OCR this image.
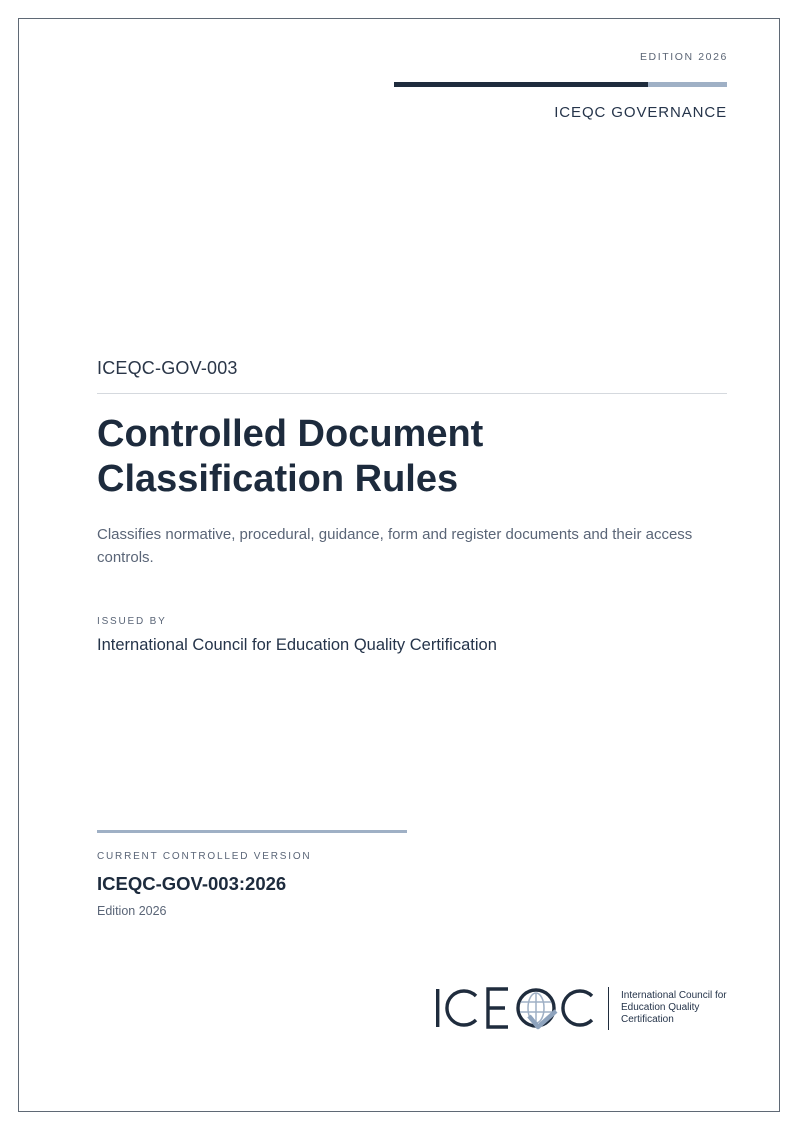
EDITION 2026
ICEQC GOVERNANCE
ICEQC-GOV-003
Controlled Document
Classification Rules
Classifies normative, procedural, guidance, form and register documents and their access controls.
ISSUED BY
International Council for Education Quality Certification
CURRENT CONTROLLED VERSION
ICEQC-GOV-003:2026
Edition 2026
International Council for
Education Quality
Certification
